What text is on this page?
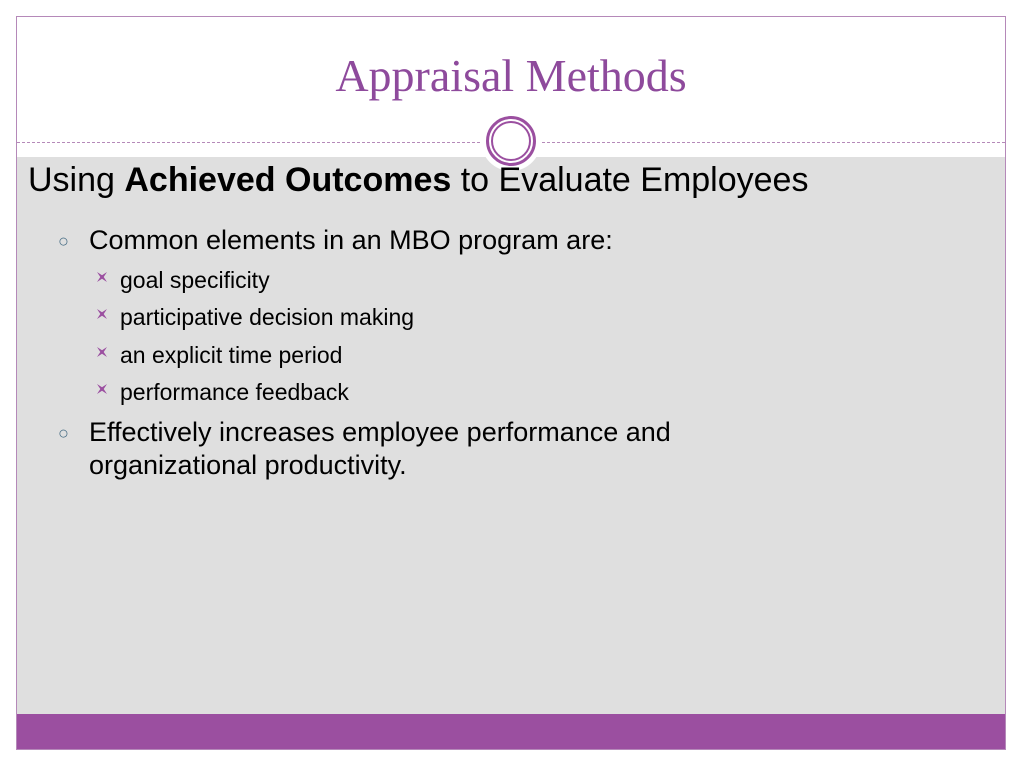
Appraisal Methods
Using Achieved Outcomes to Evaluate Employees
○ Common elements in an MBO program are:
goal specificity
participative decision making
an explicit time period
performance feedback
○ Effectively increases employee performance and organizational productivity.
